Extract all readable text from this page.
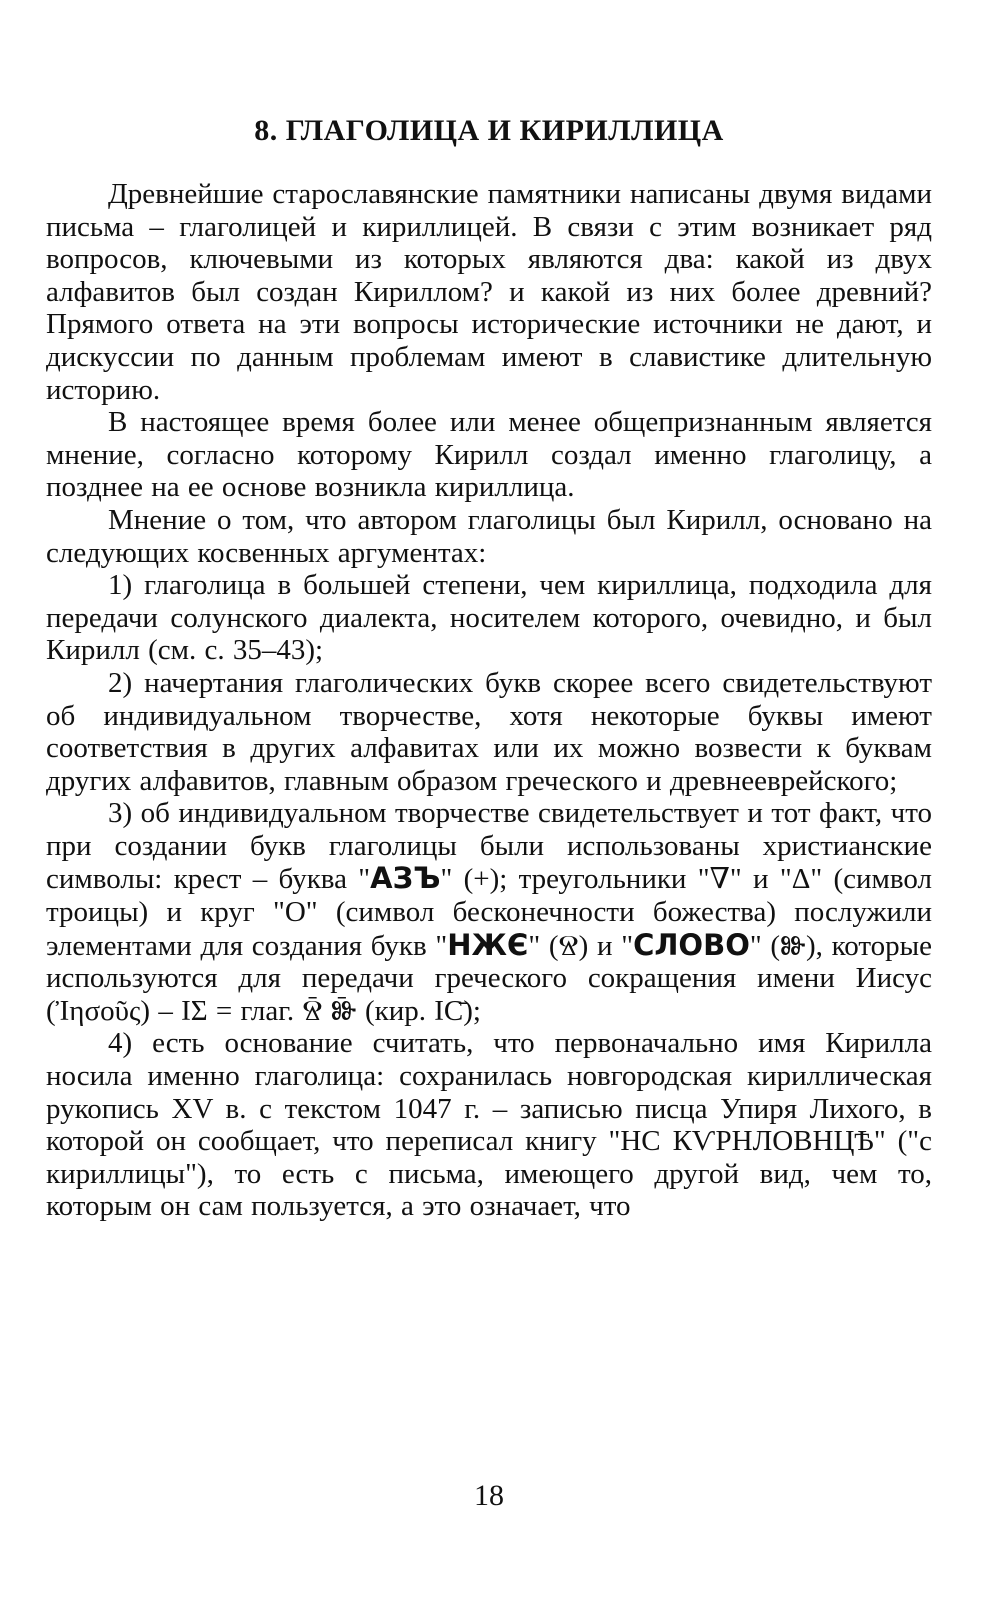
8. ГЛАГОЛИЦА И КИРИЛЛИЦА

Древнейшие старославянские памятники написаны двумя видами письма – глаголицей и кириллицей. В связи с этим возникает ряд вопросов, ключевыми из которых являются два: какой из двух алфавитов был создан Кириллом? и какой из них более древний? Прямого ответа на эти вопросы исторические источники не дают, и дискуссии по данным проблемам имеют в славистике длительную историю.

В настоящее время более или менее общепризнанным является мнение, согласно которому Кирилл создал именно глаголицу, а позднее на ее основе возникла кириллица.

Мнение о том, что автором глаголицы был Кирилл, основано на следующих косвенных аргументах:

1) глаголица в большей степени, чем кириллица, подходила для передачи солунского диалекта, носителем которого, очевидно, и был Кирилл (см. с. 35–43);

2) начертания глаголических букв скорее всего свидетельствуют об индивидуальном творчестве, хотя некоторые буквы имеют соответствия в других алфавитах или их можно возвести к буквам других алфавитов, главным образом греческого и древнееврейского;

3) об индивидуальном творчестве свидетельствует и тот факт, что при создании букв глаголицы были использованы христианские символы: крест – буква "АЗЪ" (+); треугольники "∇" и "Δ" (символ троицы) и круг "O" (символ бесконечности божества) послужили элементами для создания букв "НЖЄ" (Ⱄ) и "СЛОВО" (Ⱆ), которые используются для передачи греческого сокращения имени Иисус (Ἰησοῦς) – ΙΣ = глаг. Ⱄ̄ Ⱆ̄ (кир. ΙС̄);

4) есть основание считать, что первоначально имя Кирилла носила именно глаголица: сохранилась новгородская кириллическая рукопись XV в. с текстом 1047 г. – записью писца Упиря Лихого, в которой он сообщает, что переписал книгу "НС КѴРНЛОВНЦѢ" ("с кириллицы"), то есть с письма, имеющего другой вид, чем то, которым он сам пользуется, а это означает, что

18
